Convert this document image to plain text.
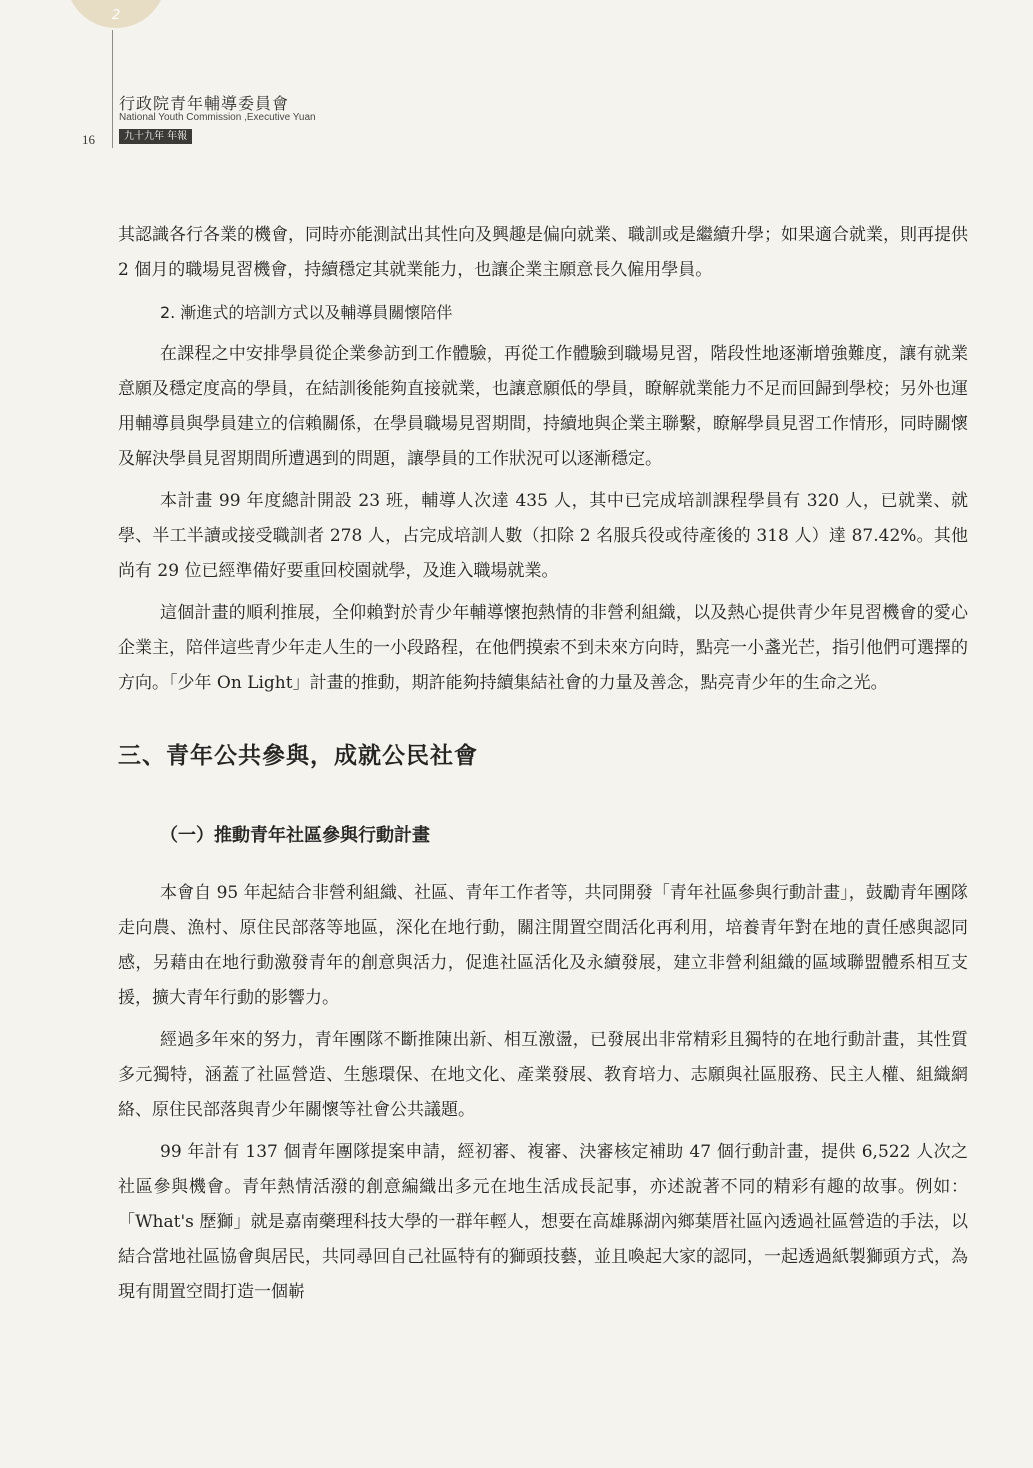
2
行政院青年輔導委員會
National Youth Commission ,Executive Yuan
九十九年 年報
16

其認識各行各業的機會，同時亦能測試出其性向及興趣是偏向就業、職訓或是繼續升學；如果適合就業，則再提供 2 個月的職場見習機會，持續穩定其就業能力，也讓企業主願意長久僱用學員。

2. 漸進式的培訓方式以及輔導員關懷陪伴

在課程之中安排學員從企業參訪到工作體驗，再從工作體驗到職場見習，階段性地逐漸增強難度，讓有就業意願及穩定度高的學員，在結訓後能夠直接就業，也讓意願低的學員，瞭解就業能力不足而回歸到學校；另外也運用輔導員與學員建立的信賴關係，在學員職場見習期間，持續地與企業主聯繫，瞭解學員見習工作情形，同時關懷及解決學員見習期間所遭遇到的問題，讓學員的工作狀況可以逐漸穩定。

本計畫 99 年度總計開設 23 班，輔導人次達 435 人，其中已完成培訓課程學員有 320 人，已就業、就學、半工半讀或接受職訓者 278 人，占完成培訓人數（扣除 2 名服兵役或待產後的 318 人）達 87.42%。其他尚有 29 位已經準備好要重回校園就學，及進入職場就業。

這個計畫的順利推展，全仰賴對於青少年輔導懷抱熱情的非營利組織，以及熱心提供青少年見習機會的愛心企業主，陪伴這些青少年走人生的一小段路程，在他們摸索不到未來方向時，點亮一小盞光芒，指引他們可選擇的方向。「少年 On Light」計畫的推動，期許能夠持續集結社會的力量及善念，點亮青少年的生命之光。

三、青年公共參與，成就公民社會
（一）推動青年社區參與行動計畫

本會自 95 年起結合非營利組織、社區、青年工作者等，共同開發「青年社區參與行動計畫」，鼓勵青年團隊走向農、漁村、原住民部落等地區，深化在地行動，關注閒置空間活化再利用，培養青年對在地的責任感與認同感，另藉由在地行動激發青年的創意與活力，促進社區活化及永續發展，建立非營利組織的區域聯盟體系相互支援，擴大青年行動的影響力。

經過多年來的努力，青年團隊不斷推陳出新、相互激盪，已發展出非常精彩且獨特的在地行動計畫，其性質多元獨特，涵蓋了社區營造、生態環保、在地文化、產業發展、教育培力、志願與社區服務、民主人權、組織網絡、原住民部落與青少年關懷等社會公共議題。

99 年計有 137 個青年團隊提案申請，經初審、複審、決審核定補助 47 個行動計畫，提供 6,522 人次之社區參與機會。青年熱情活潑的創意編織出多元在地生活成長記事，亦述說著不同的精彩有趣的故事。例如：「What's 歷獅」就是嘉南藥理科技大學的一群年輕人，想要在高雄縣湖內鄉葉厝社區內透過社區營造的手法，以結合當地社區協會與居民，共同尋回自己社區特有的獅頭技藝，並且喚起大家的認同，一起透過紙製獅頭方式，為現有閒置空間打造一個嶄
